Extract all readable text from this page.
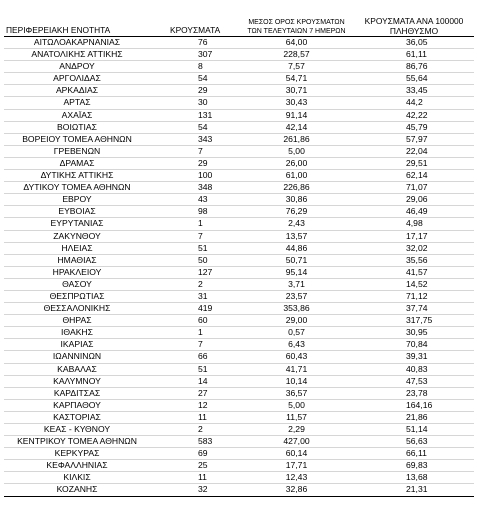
ΠΕΡΙΦΕΡΕΙΑΚΗ ΕΝΟΤΗΤΑ	ΚΡΟΥΣΜΑΤΑ	ΜΕΣΟΣ ΟΡΟΣ ΚΡΟΥΣΜΑΤΩΝ
ΤΩΝ ΤΕΛΕΥΤΑΙΩΝ 7 ΗΜΕΡΩΝ	ΚΡΟΥΣΜΑΤΑ ΑΝΑ 100000
ΠΛΗΘΥΣΜΟ
ΑΙΤΩΛΟΑΚΑΡΝΑΝΙΑΣ	76	64,00	36,05
ΑΝΑΤΟΛΙΚΗΣ ΑΤΤΙΚΗΣ	307	228,57	61,11
ΑΝΔΡΟΥ	8	7,57	86,76
ΑΡΓΟΛΙΔΑΣ	54	54,71	55,64
ΑΡΚΑΔΙΑΣ	29	30,71	33,45
ΑΡΤΑΣ	30	30,43	44,2
ΑΧΑΪΑΣ	131	91,14	42,22
ΒΟΙΩΤΙΑΣ	54	42,14	45,79
ΒΟΡΕΙΟΥ ΤΟΜΕΑ ΑΘΗΝΩΝ	343	261,86	57,97
ΓΡΕΒΕΝΩΝ	7	5,00	22,04
ΔΡΑΜΑΣ	29	26,00	29,51
ΔΥΤΙΚΗΣ ΑΤΤΙΚΗΣ	100	61,00	62,14
ΔΥΤΙΚΟΥ ΤΟΜΕΑ ΑΘΗΝΩΝ	348	226,86	71,07
ΕΒΡΟΥ	43	30,86	29,06
ΕΥΒΟΙΑΣ	98	76,29	46,49
ΕΥΡΥΤΑΝΙΑΣ	1	2,43	4,98
ΖΑΚΥΝΘΟΥ	7	13,57	17,17
ΗΛΕΙΑΣ	51	44,86	32,02
ΗΜΑΘΙΑΣ	50	50,71	35,56
ΗΡΑΚΛΕΙΟΥ	127	95,14	41,57
ΘΑΣΟΥ	2	3,71	14,52
ΘΕΣΠΡΩΤΙΑΣ	31	23,57	71,12
ΘΕΣΣΑΛΟΝΙΚΗΣ	419	353,86	37,74
ΘΗΡΑΣ	60	29,00	317,75
ΙΘΑΚΗΣ	1	0,57	30,95
ΙΚΑΡΙΑΣ	7	6,43	70,84
ΙΩΑΝΝΙΝΩΝ	66	60,43	39,31
ΚΑΒΑΛΑΣ	51	41,71	40,83
ΚΑΛΥΜΝΟΥ	14	10,14	47,53
ΚΑΡΔΙΤΣΑΣ	27	36,57	23,78
ΚΑΡΠΑΘΟΥ	12	5,00	164,16
ΚΑΣΤΟΡΙΑΣ	11	11,57	21,86
ΚΕΑΣ - ΚΥΘΝΟΥ	2	2,29	51,14
ΚΕΝΤΡΙΚΟΥ ΤΟΜΕΑ ΑΘΗΝΩΝ	583	427,00	56,63
ΚΕΡΚΥΡΑΣ	69	60,14	66,11
ΚΕΦΑΛΛΗΝΙΑΣ	25	17,71	69,83
ΚΙΛΚΙΣ	11	12,43	13,68
ΚΟΖΑΝΗΣ	32	32,86	21,31
